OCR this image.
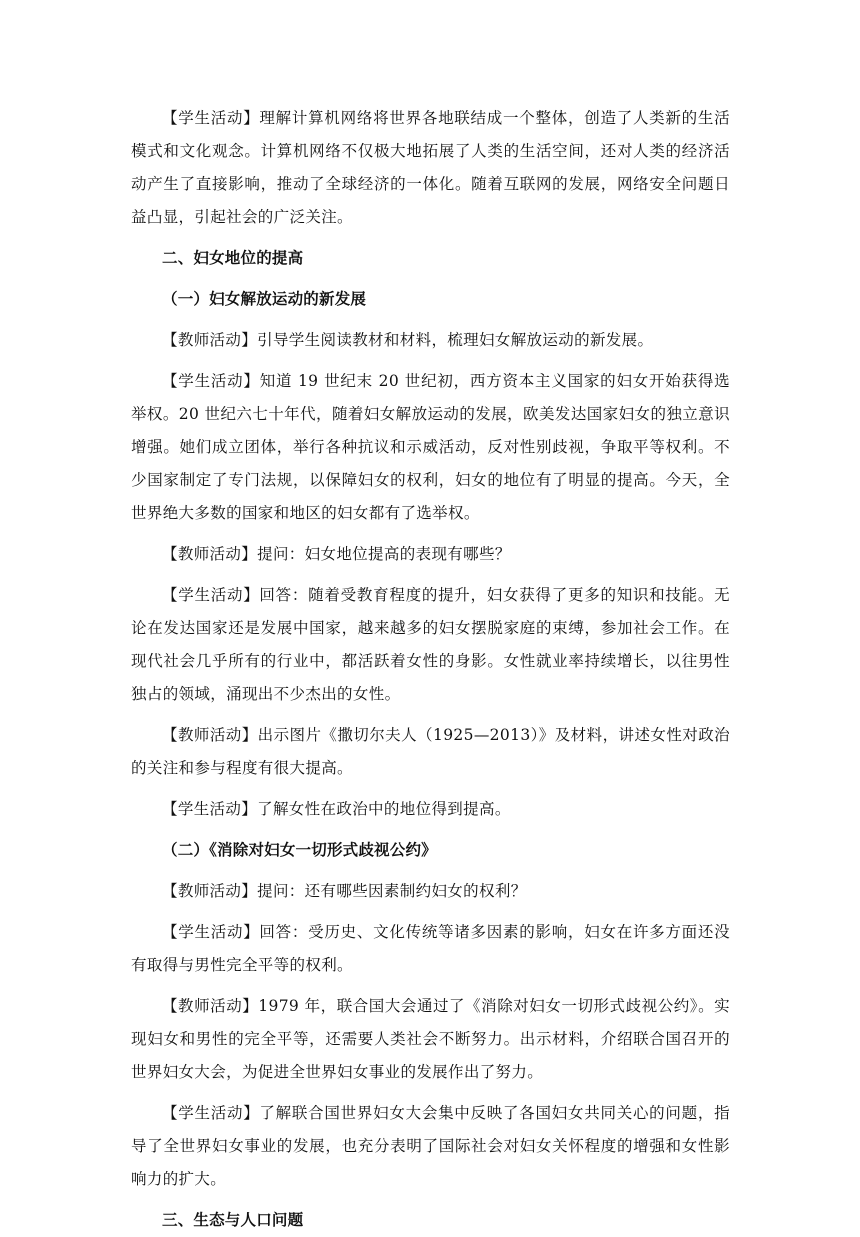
【学生活动】理解计算机网络将世界各地联结成一个整体，创造了人类新的生活模式和文化观念。计算机网络不仅极大地拓展了人类的生活空间，还对人类的经济活动产生了直接影响，推动了全球经济的一体化。随着互联网的发展，网络安全问题日益凸显，引起社会的广泛关注。

二、妇女地位的提高

（一）妇女解放运动的新发展

【教师活动】引导学生阅读教材和材料，梳理妇女解放运动的新发展。

【学生活动】知道 19 世纪末 20 世纪初，西方资本主义国家的妇女开始获得选举权。20 世纪六七十年代，随着妇女解放运动的发展，欧美发达国家妇女的独立意识增强。她们成立团体，举行各种抗议和示威活动，反对性别歧视，争取平等权利。不少国家制定了专门法规，以保障妇女的权利，妇女的地位有了明显的提高。今天，全世界绝大多数的国家和地区的妇女都有了选举权。

【教师活动】提问：妇女地位提高的表现有哪些？

【学生活动】回答：随着受教育程度的提升，妇女获得了更多的知识和技能。无论在发达国家还是发展中国家，越来越多的妇女摆脱家庭的束缚，参加社会工作。在现代社会几乎所有的行业中，都活跃着女性的身影。女性就业率持续增长，以往男性独占的领域，涌现出不少杰出的女性。

【教师活动】出示图片《撒切尔夫人（1925—2013）》及材料，讲述女性对政治的关注和参与程度有很大提高。

【学生活动】了解女性在政治中的地位得到提高。

（二）《消除对妇女一切形式歧视公约》

【教师活动】提问：还有哪些因素制约妇女的权利？

【学生活动】回答：受历史、文化传统等诸多因素的影响，妇女在许多方面还没有取得与男性完全平等的权利。

【教师活动】1979 年，联合国大会通过了《消除对妇女一切形式歧视公约》。实现妇女和男性的完全平等，还需要人类社会不断努力。出示材料，介绍联合国召开的世界妇女大会，为促进全世界妇女事业的发展作出了努力。

【学生活动】了解联合国世界妇女大会集中反映了各国妇女共同关心的问题，指导了全世界妇女事业的发展，也充分表明了国际社会对妇女关怀程度的增强和女性影响力的扩大。

三、生态与人口问题
